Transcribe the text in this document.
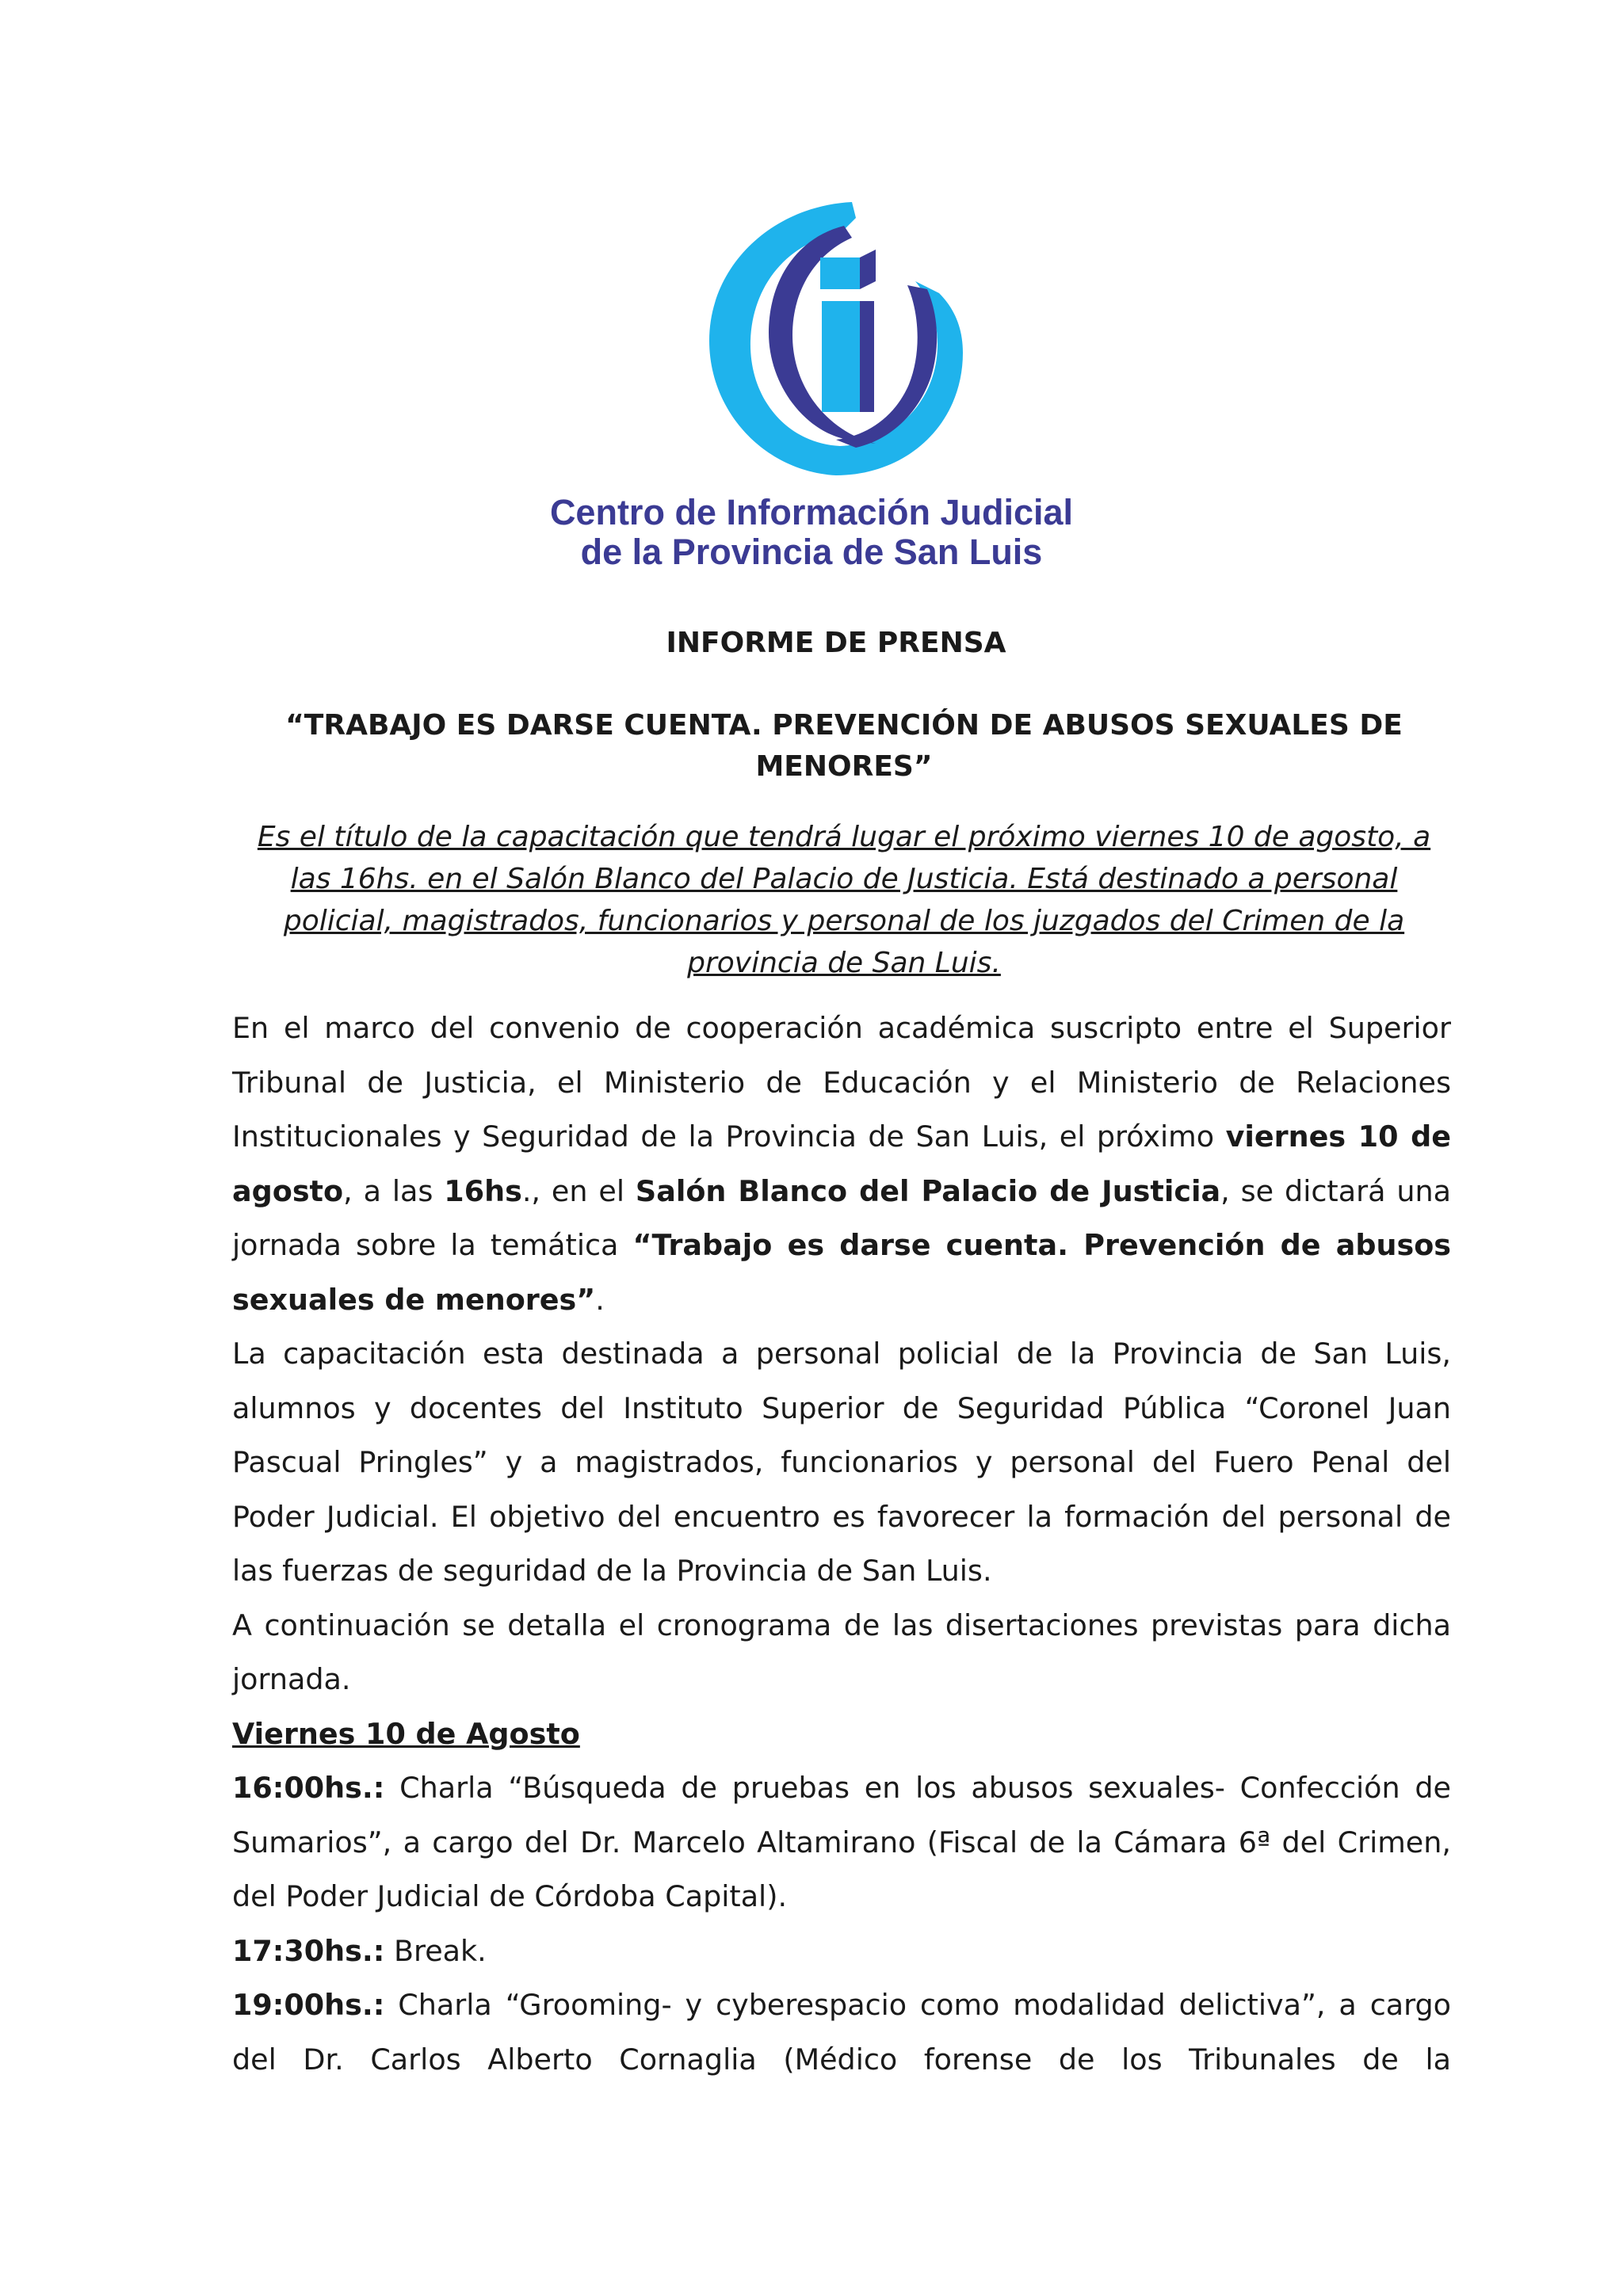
Centro de Información Judicial
de la Provincia de San Luis
INFORME DE PRENSA
“TRABAJO ES DARSE CUENTA. PREVENCIÓN DE ABUSOS SEXUALES DE MENORES”
Es el título de la capacitación que tendrá lugar el próximo viernes 10 de agosto, a las 16hs. en el Salón Blanco del Palacio de Justicia. Está destinado a personal policial, magistrados, funcionarios y personal de los juzgados del Crimen de la provincia de San Luis.

En el marco del convenio de cooperación académica suscripto entre el Superior Tribunal de Justicia, el Ministerio de Educación y el Ministerio de Relaciones Institucionales y Seguridad de la Provincia de San Luis, el próximo viernes 10 de agosto, a las 16hs., en el Salón Blanco del Palacio de Justicia, se dictará una jornada sobre la temática “Trabajo es darse cuenta. Prevención de abusos sexuales de menores”.

La capacitación esta destinada a personal policial de la Provincia de San Luis, alumnos y docentes del Instituto Superior de Seguridad Pública “Coronel Juan Pascual Pringles” y a magistrados, funcionarios y personal del Fuero Penal del Poder Judicial. El objetivo del encuentro es favorecer la formación del personal de las fuerzas de seguridad de la Provincia de San Luis.

A continuación se detalla el cronograma de las disertaciones previstas para dicha jornada.

Viernes 10 de Agosto

16:00hs.: Charla “Búsqueda de pruebas en los abusos sexuales- Confección de Sumarios”, a cargo del Dr. Marcelo Altamirano (Fiscal de la Cámara 6ª del Crimen, del Poder Judicial de Córdoba Capital).

17:30hs.: Break.

19:00hs.: Charla “Grooming- y cyberespacio como modalidad delictiva”, a cargo del Dr. Carlos Alberto Cornaglia (Médico forense de los Tribunales de la
